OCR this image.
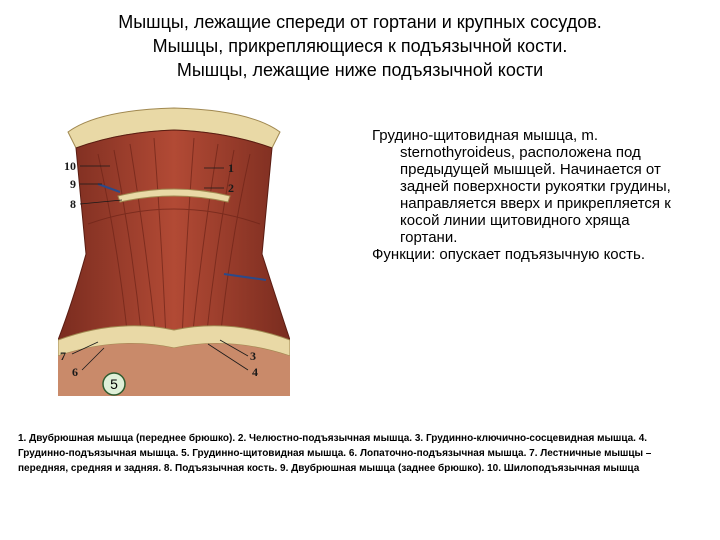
Мышцы, лежащие спереди от гортани и крупных сосудов.
Мышцы, прикрепляющиеся к подъязычной кости.
Мышцы, лежащие ниже подъязычной кости
10
9
8
1
2
7
6
3
4
5

Грудино-щитовидная мышца, m. sternothyroideus, расположена под предыдущей мышцей. Начинается от задней поверхности рукоятки грудины, направляется вверх и прикрепляется к косой линии щитовидного хряща гортани.

Функции: опускает подъязычную кость.

1. Двубрюшная мышца (переднее брюшко). 2. Челюстно-подъязычная мышца. 3. Грудинно-ключично-сосцевидная мышца. 4. Грудинно-подъязычная мышца. 5. Грудинно-щитовидная мышца. 6. Лопаточно-подъязычная мышца. 7. Лестничные мышцы – передняя, средняя и задняя. 8. Подъязычная кость. 9. Двубрюшная мышца (заднее брюшко). 10. Шилоподъязычная мышца
